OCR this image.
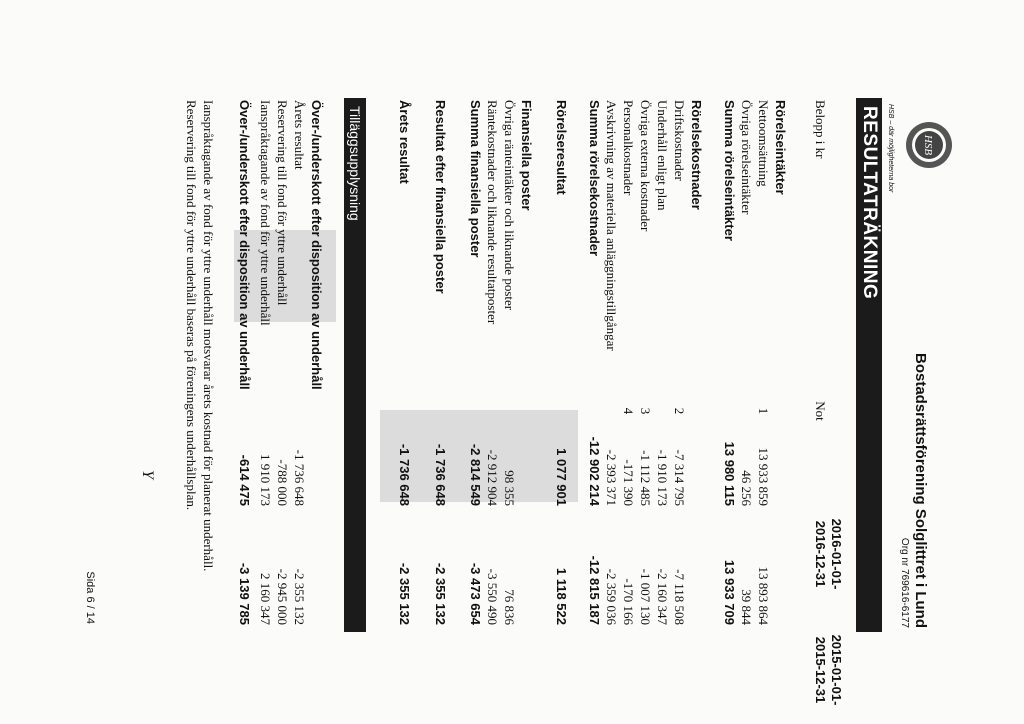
HSB
HSB – där möjligheterna bor
Bostadsrättsförening Solglittret i Lund
Org nr 769616-6177
RESULTATRÄKNING
Belopp i kr
Not
2016-01-01-
2016-12-31
2015-01-01-
2015-12-31
Rörelseintäkter
Nettoomsättning
1
13 933 859
13 893 864
Övriga rörelseintäkter
46 256
39 844
Summa rörelseintäkter
13 980 115
13 933 709
Rörelsekostnader
Driftskostnader
2
-7 314 795
-7 118 508
Underhåll enligt plan
-1 910 173
-2 160 347
Övriga externa kostnader
3
-1 112 485
-1 007 130
Personalkostnader
4
-171 390
-170 166
Avskrivning av materiella anläggningstillgångar
-2 393 371
-2 359 036
Summa rörelsekostnader
-12 902 214
-12 815 187
Rörelseresultat
1 077 901
1 118 522
Finansiella poster
Övriga ränteintäkter och liknande poster
98 355
76 836
Räntekostnader och liknande resultatposter
-2 912 904
-3 550 490
Summa finansiella poster
-2 814 549
-3 473 654
Resultat efter finansiella poster
-1 736 648
-2 355 132
Årets resultat
-1 736 648
-2 355 132
Tilläggsupplysning
Över-/underskott efter disposition av underhåll
Årets resultat
-1 736 648
-2 355 132
Reservering till fond för yttre underhåll
-788 000
-2 945 000
Ianspråktagande av fond för yttre underhåll
1 910 173
2 160 347
Över-/underskott efter disposition av underhåll
-614 475
-3 139 785
Ianspråktagande av fond för yttre underhåll motsvarar årets kostnad för planerat underhåll.
Reservering till fond för yttre underhåll baseras på föreningens underhållsplan.
Y
Sida 6 / 14
